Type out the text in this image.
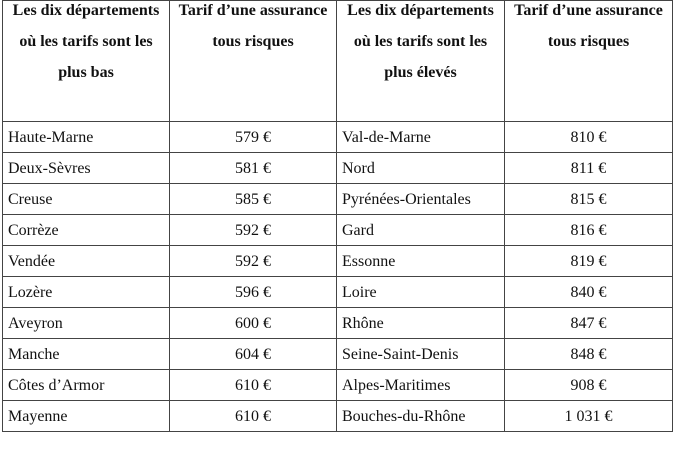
Les dix départements où les tarifs sont les plus bas	Tarif d’une assurance tous risques	Les dix départements où les tarifs sont les plus élevés	Tarif d’une assurance tous risques

Haute-Marne	579 €	Val-de-Marne	810 €
Deux-Sèvres	581 €	Nord	811 €
Creuse	585 €	Pyrénées-Orientales	815 €
Corrèze	592 €	Gard	816 €
Vendée	592 €	Essonne	819 €
Lozère	596 €	Loire	840 €
Aveyron	600 €	Rhône	847 €
Manche	604 €	Seine-Saint-Denis	848 €
Côtes d’Armor	610 €	Alpes-Maritimes	908 €
Mayenne	610 €	Bouches-du-Rhône	1 031 €
